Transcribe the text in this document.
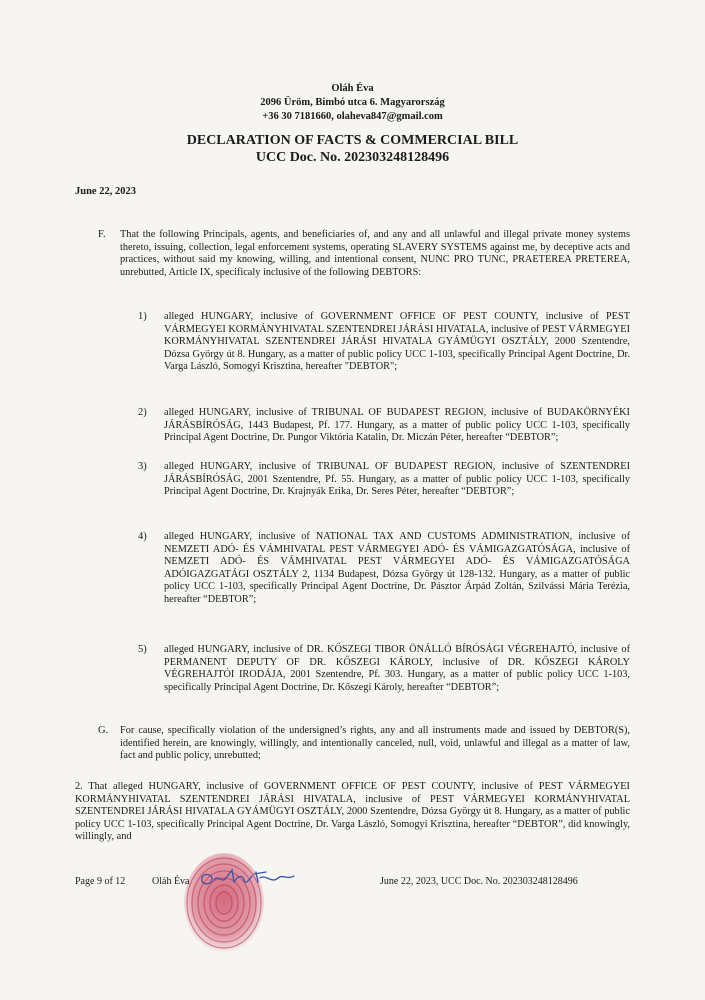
Oláh Éva
2096 Üröm, Bimbó utca 6. Magyarország
+36 30 7181660, olaheva847@gmail.com
DECLARATION OF FACTS & COMMERCIAL BILL
UCC Doc. No. 202303248128496
June 22, 2023
F. That the following Principals, agents, and beneficiaries of, and any and all unlawful and illegal private money systems thereto, issuing, collection, legal enforcement systems, operating SLAVERY SYSTEMS against me, by deceptive acts and practices, without said my knowing, willing, and intentional consent, NUNC PRO TUNC, PRAETEREA PRETEREA, unrebutted, Article IX, specificaly inclusive of the following DEBTORS:

1) alleged HUNGARY, inclusive of GOVERNMENT OFFICE OF PEST COUNTY, inclusive of PEST VÁRMEGYEI KORMÁNYHIVATAL SZENTENDREI JÁRÁSI HIVATALA, inclusive of PEST VÁRMEGYEI KORMÁNYHIVATAL SZENTENDREI JÁRÁSI HIVATALA GYÁMÜGYI OSZTÁLY, 2000 Szentendre, Dózsa György út 8. Hungary, as a matter of public policy UCC 1-103, specifically Principal Agent Doctrine, Dr. Varga László, Somogyi Krisztina, hereafter "DEBTOR";

2) alleged HUNGARY, inclusive of TRIBUNAL OF BUDAPEST REGION, inclusive of BUDAKÖRNYÉKI JÁRÁSBÍRÓSÁG, 1443 Budapest, Pf. 177. Hungary, as a matter of public policy UCC 1-103, specifically Principal Agent Doctrine, Dr. Pungor Viktória Katalin, Dr. Miczán Péter, hereafter “DEBTOR”;

3) alleged HUNGARY, inclusive of TRIBUNAL OF BUDAPEST REGION, inclusive of SZENTENDREI JÁRÁSBÍRÓSÁG, 2001 Szentendre, Pf. 55. Hungary, as a matter of public policy UCC 1-103, specifically Principal Agent Doctrine, Dr. Krajnyák Erika, Dr. Seres Péter, hereafter “DEBTOR”;

4) alleged HUNGARY, inclusive of NATIONAL TAX AND CUSTOMS ADMINISTRATION, inclusive of NEMZETI ADÓ- ÉS VÁMHIVATAL PEST VÁRMEGYEI ADÓ- ÉS VÁMIGAZGATÓSÁGA, inclusive of NEMZETI ADÓ- ÉS VÁMHIVATAL PEST VÁRMEGYEI ADÓ- ÉS VÁMIGAZGATÓSÁGA ADÓIGAZGATÁGI OSZTÁLY 2, 1134 Budapest, Dózsa György út 128-132. Hungary, as a matter of public policy UCC 1-103, specifically Principal Agent Doctrine, Dr. Pásztor Árpád Zoltán, Szilvássi Mária Terézia, hereafter “DEBTOR”;

5) alleged HUNGARY, inclusive of DR. KŐSZEGI TIBOR ÖNÁLLÓ BÍRÓSÁGI VÉGREHAJTÓ, inclusive of PERMANENT DEPUTY OF DR. KŐSZEGI KÁROLY, inclusive of DR. KŐSZEGI KÁROLY VÉGREHAJTÓI IRODÁJA, 2001 Szentendre, Pf. 303. Hungary, as a matter of public policy UCC 1-103, specifically Principal Agent Doctrine, Dr. Kőszegi Károly, hereafter “DEBTOR”;

G. For cause, specifically violation of the undersigned’s rights, any and all instruments made and issued by DEBTOR(S), identified herein, are knowingly, willingly, and intentionally canceled, null, void, unlawful and illegal as a matter of law, fact and public policy, unrebutted;

2. That alleged HUNGARY, inclusive of GOVERNMENT OFFICE OF PEST COUNTY, inclusive of PEST VÁRMEGYEI KORMÁNYHIVATAL SZENTENDREI JÁRÁSI HIVATALA, inclusive of PEST VÁRMEGYEI KORMÁNYHIVATAL SZENTENDREI JÁRÁSI HIVATALA GYÁMÜGYI OSZTÁLY, 2000 Szentendre, Dózsa György út 8. Hungary, as a matter of public policy UCC 1-103, specifically Principal Agent Doctrine, Dr. Varga László, Somogyi Krisztina, hereafter “DEBTOR”, did knowingly, willingly, and

Page 9 of 12	Oláh Éva	June 22, 2023, UCC Doc. No. 202303248128496
